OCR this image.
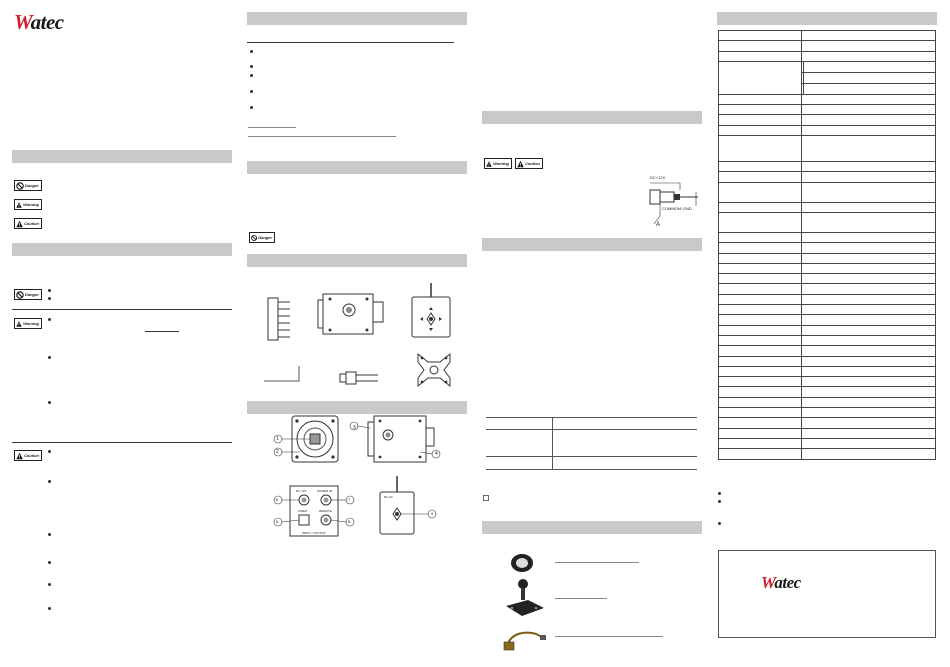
Watec
Danger
Warning
Caution
Danger
Warning
Caution
Danger
1
2
3
4
DC 12V	POWER IN
VIDEO	REMOTE
INPUT / OUTPUT
5
6
7
8
RC-02
9
Warning	Caution
DC+12V
COMMON/ GND
A

Watec
